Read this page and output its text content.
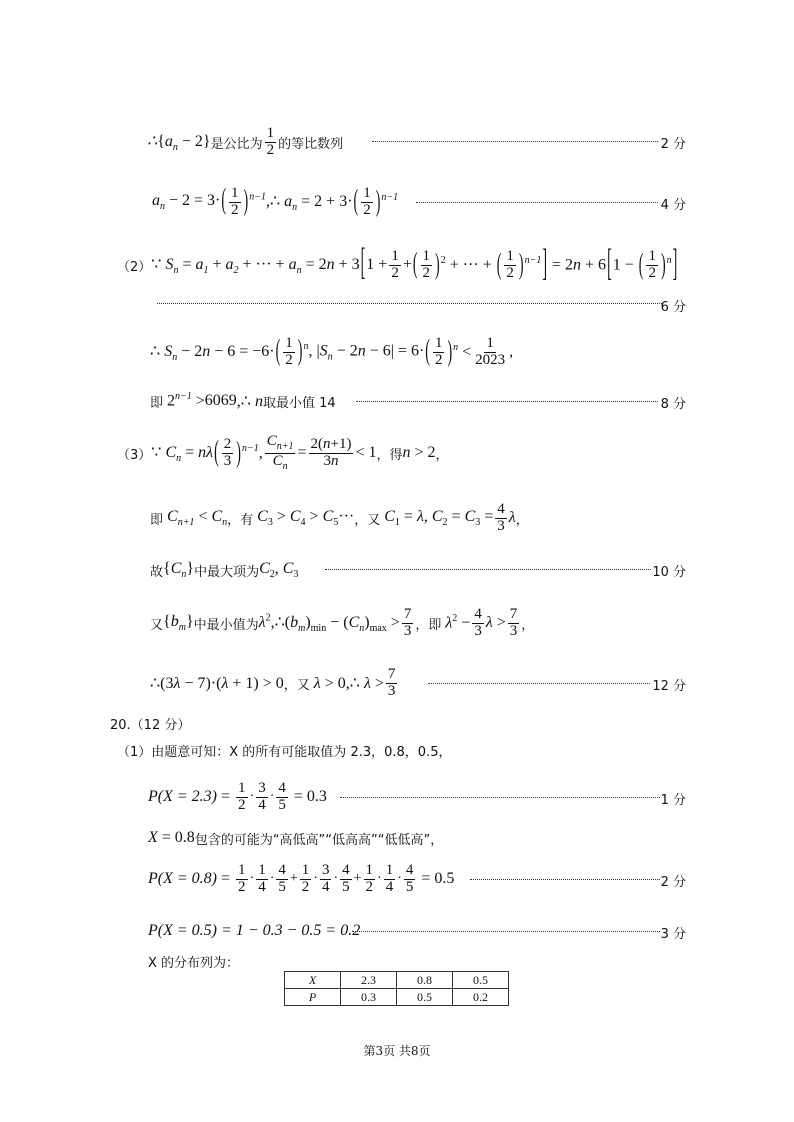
$\therefore\{a_n - 2\}$ 是公比为 $\frac{1}{2}$ 的等比数列	2 分
$a_n - 2 = 3\cdot( \frac{1}{2}$ )$^{n-1},\therefore$ $a_n = 2 + 3\cdot( \frac{1}{2} )^{n-1}$
4 分
（2） ∵ $S_n = a_1 + a_2$ + ··· + $a_n = 2n + 3[1 + \frac{1}{2}$ +( $\frac{1}{2} )^2$ + ··· + ( $\frac{1}{2} )^{n-1}] = 2n + 6[1$ − ( $\frac{1}{2} )^n$]
6 分
∴ $S_n - 2n - 6 = -6\cdot( \frac{1}{2} )^n$, $|S_n - 2n - 6| = 6\cdot( \frac{1}{2} )^n < \frac{1}{2023}$ ,
即 $2^{n-1} > 6069$ ,∴ n 取最小值 14	8 分
（3） ∵ $C_n = n\lambda( \frac{2}{3} )^{n-1}$, $\frac{C_{n+1}}{C_n} = \frac{2(n+1)}{3n} < 1$ ，得 n > 2 ，
即 $C_{n+1} < C_n$ ，有 $C_3 > C_4 > C_5\cdot\cdot\cdot$ ，又 $C_1 = \lambda$, $C_2 = C_3 = \frac{4}{3}$ λ ，
故 $\{C_n\}$ 中最大项为 $C_2$, $C_3$	10 分
又 $\{b_m\}$ 中最小值为 $\lambda^2,\therefore(b_m)_{min} - (C_n)_{max} > \frac{7}{3}$ ，即 $\lambda^2 - \frac{4}{3}$ $\lambda > \frac{7}{3}$ ，
∴(3λ − 7)·(λ + 1) > 0 ，又 λ > 0,∴ $\lambda > \frac{7}{3}$	12 分
20.（12 分）
（1）由题意可知：X 的所有可能取值为 2.3，0.8，0.5，
$P(X = 2.3) = \frac{1}{2} \cdot \frac{3}{4} \cdot \frac{4}{5} = 0.3$	1 分
X = 0.8 包含的可能为“高低高”“低高高”“低低高”，
$P(X = 0.8) = \frac{1}{2} \cdot \frac{1}{4} \cdot \frac{4}{5} + \frac{1}{2} \cdot \frac{3}{4} \cdot \frac{4}{5} + \frac{1}{2} \cdot \frac{1}{4} \cdot \frac{4}{5} = 0.5$	2 分
P(X = 0.5) = 1 − 0.3 − 0.5 = 0.2	3 分
X 的分布列为：
X	2.3	0.8	0.5
P	0.3	0.5	0.2
第3页 共8页
